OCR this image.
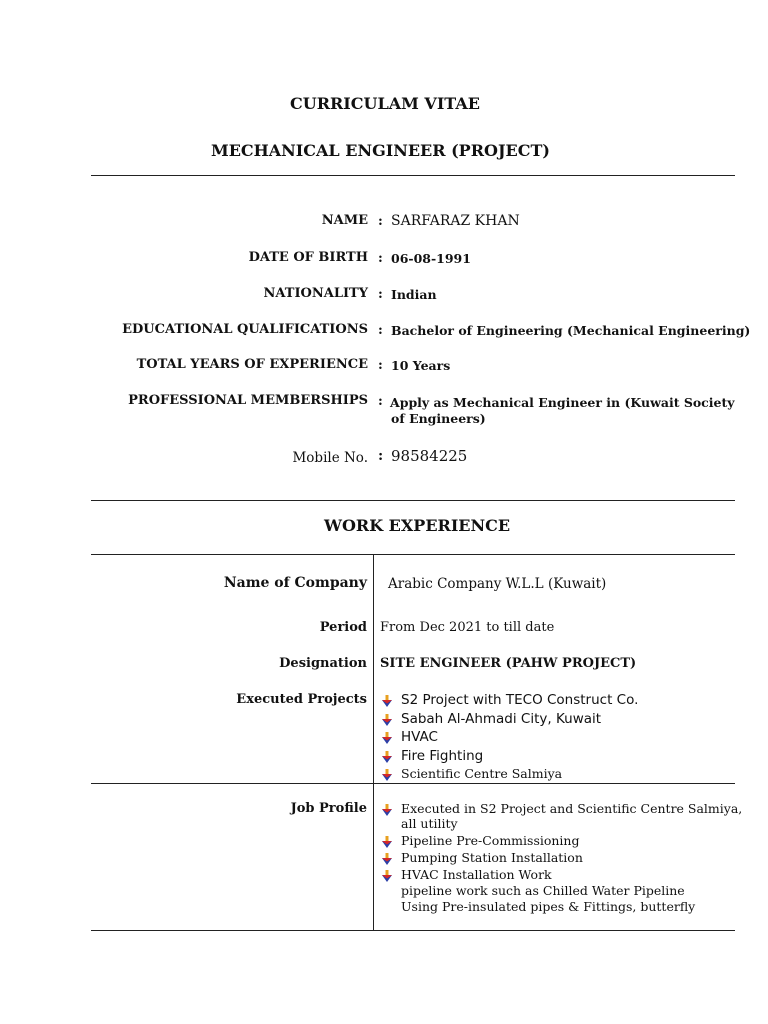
CURRICULAM VITAE
MECHANICAL ENGINEER (PROJECT)
NAME : SARFARAZ KHAN
DATE OF BIRTH : 06-08-1991
NATIONALITY : Indian
EDUCATIONAL QUALIFICATIONS : Bachelor of Engineering (Mechanical Engineering)
TOTAL YEARS OF EXPERIENCE : 10 Years
PROFESSIONAL MEMBERSHIPS : Apply as Mechanical Engineer in (Kuwait Society of Engineers)
Mobile No. : 98584225
WORK EXPERIENCE
Name of Company Arabic Company W.L.L (Kuwait)
Period From Dec 2021 to till date
Designation SITE ENGINEER (PAHW PROJECT)
Executed Projects	S2 Project with TECO Construct Co.
Sabah Al-Ahmadi City, Kuwait
HVAC
Fire Fighting
Scientific Centre Salmiya
Job Profile	Executed in S2 Project and Scientific Centre Salmiya,
all utility
Pipeline Pre-Commissioning
Pumping Station Installation
HVAC Installation Work
pipeline work such as Chilled Water Pipeline
Using Pre-insulated pipes & Fittings, butterfly
